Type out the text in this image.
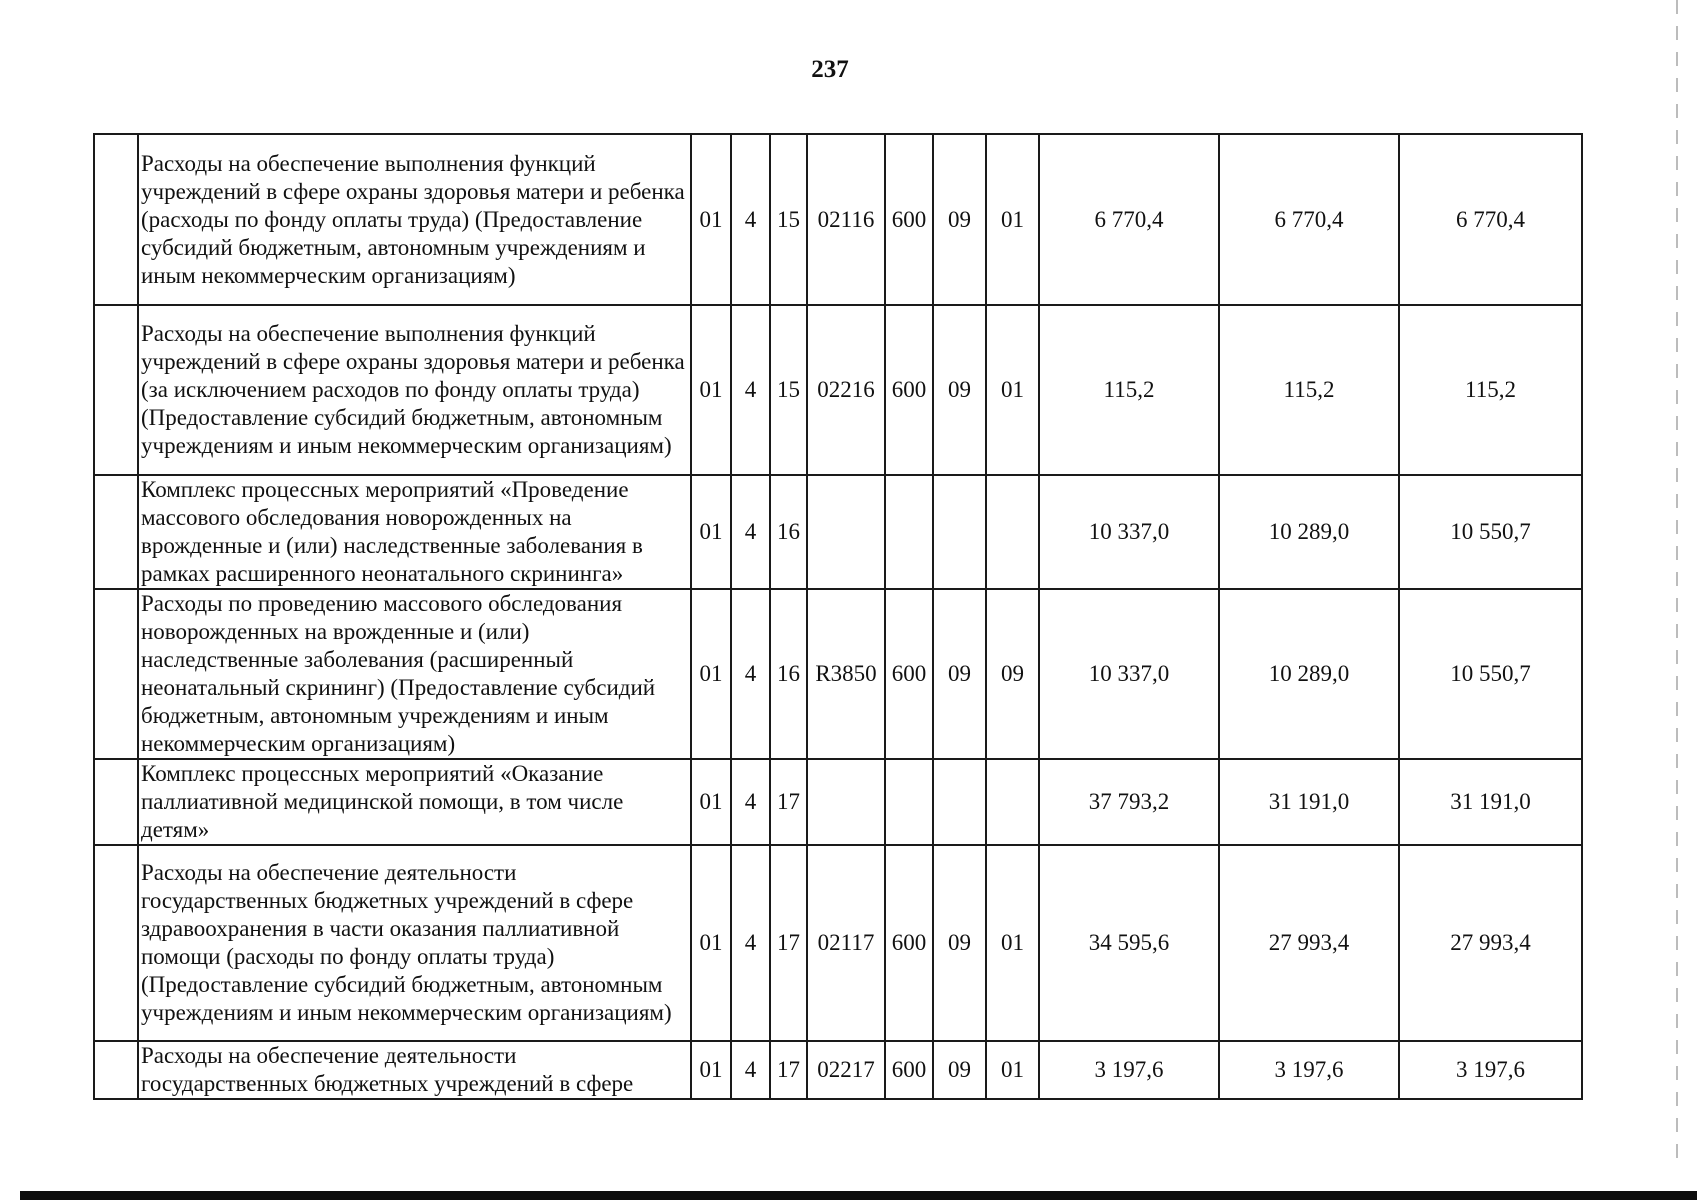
237
	Расходы на обеспечение выполнения функций учреждений в сфере охраны здоровья матери и ребенка (расходы по фонду оплаты труда) (Предоставление субсидий бюджетным, автономным учреждениям и иным некоммерческим организациям)	01	4	15	02116	600	09	01	6 770,4	6 770,4	6 770,4
	Расходы на обеспечение выполнения функций учреждений в сфере охраны здоровья матери и ребенка (за исключением расходов по фонду оплаты труда) (Предоставление субсидий бюджетным, автономным учреждениям и иным некоммерческим организациям)	01	4	15	02216	600	09	01	115,2	115,2	115,2
	Комплекс процессных мероприятий «Проведение массового обследования новорожденных на врожденные и (или) наследственные заболевания в рамках расширенного неонатального скрининга»	01	4	16					10 337,0	10 289,0	10 550,7
	Расходы по проведению массового обследования новорожденных на врожденные и (или) наследственные заболевания (расширенный неонатальный скрининг) (Предоставление субсидий бюджетным, автономным учреждениям и иным некоммерческим организациям)	01	4	16	R3850	600	09	09	10 337,0	10 289,0	10 550,7
	Комплекс процессных мероприятий «Оказание паллиативной медицинской помощи, в том числе детям»	01	4	17					37 793,2	31 191,0	31 191,0
	Расходы на обеспечение деятельности государственных бюджетных учреждений в сфере здравоохранения в части оказания паллиативной помощи (расходы по фонду оплаты труда) (Предоставление субсидий бюджетным, автономным учреждениям и иным некоммерческим организациям)	01	4	17	02117	600	09	01	34 595,6	27 993,4	27 993,4
	Расходы на обеспечение деятельности государственных бюджетных учреждений в сфере	01	4	17	02217	600	09	01	3 197,6	3 197,6	3 197,6
